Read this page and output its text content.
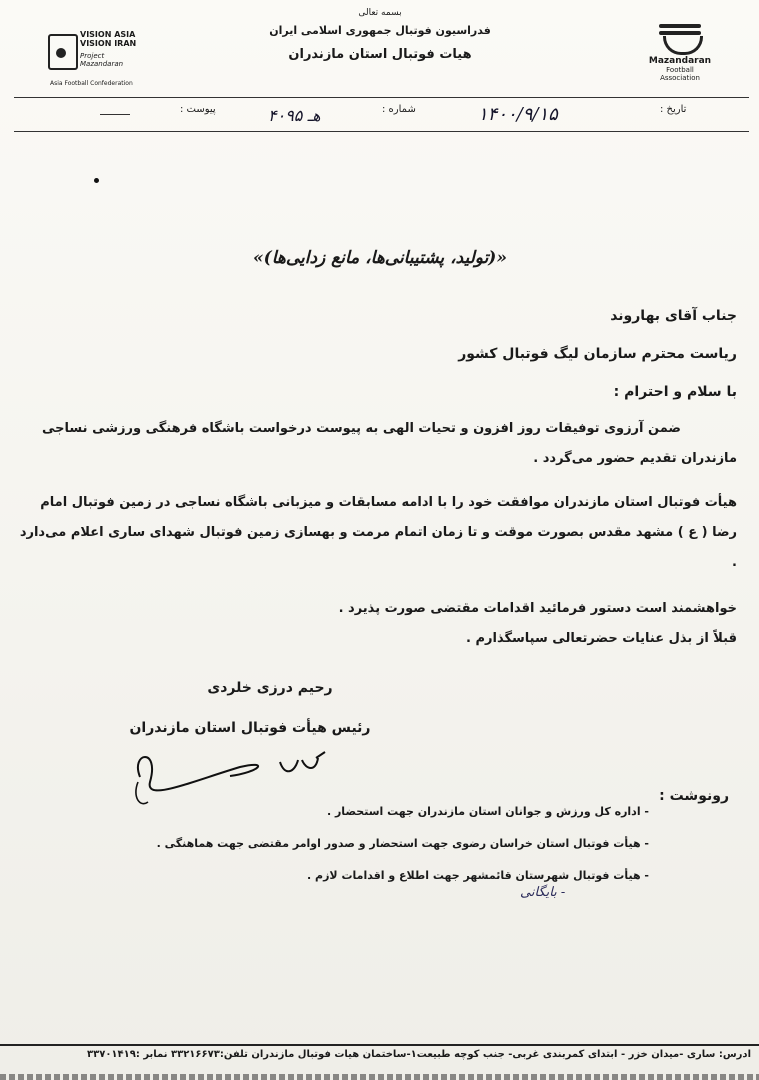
VISION ASIA
VISION IRAN
Project
Mazandaran
Asia Football Confederation
بسمه تعالی
فدراسیون فوتبال جمهوری اسلامی ایران
هیات فوتبال استان مازندران	Mazandaran
Football
Association
تاریخ :
۱۴۰۰/۹/۱۵
شماره :
۴۰۹۵ هـ
پیوست :
«(تولید، پشتیبانی‌ها، مانع زدایی‌ها)»
جناب آقای بهاروند
ریاست محترم سازمان لیگ فوتبال کشور
با سلام و احترام :
ضمن آرزوی توفیقات روز افزون و تحیات الهی به پیوست درخواست باشگاه فرهنگی ورزشی نساجی مازندران تقدیم حضور می‌گردد .
هیأت فوتبال استان مازندران موافقت خود را با ادامه مسابقات و میزبانی باشگاه نساجی در زمین فوتبال امام رضا ( ع ) مشهد مقدس بصورت موقت و تا زمان اتمام مرمت و بهسازی زمین فوتبال شهدای ساری اعلام می‌دارد .
خواهشمند است دستور فرمائید اقدامات مقتضی صورت پذیرد .
قبلاً از بذل عنایات حضرتعالی سپاسگذارم .
رحیم درزی خلردی
رئیس هیأت فوتبال استان مازندران
رونوشت :
- اداره کل ورزش و جوانان استان مازندران جهت استحضار .
- هیأت فوتبال استان خراسان رضوی جهت استحضار و صدور اوامر مقتضی جهت هماهنگی .
- هیأت فوتبال شهرستان قائمشهر جهت اطلاع و اقدامات لازم .
- بایگانی
آدرس: ساری -میدان خزر - ابتدای کمربندی غربی- جنب کوچه طبیعت۱-ساختمان هیات فوتبال مازندران تلفن:۳۳۲۱۶۶۷۳ نمابر :۳۳۷۰۱۴۱۹
